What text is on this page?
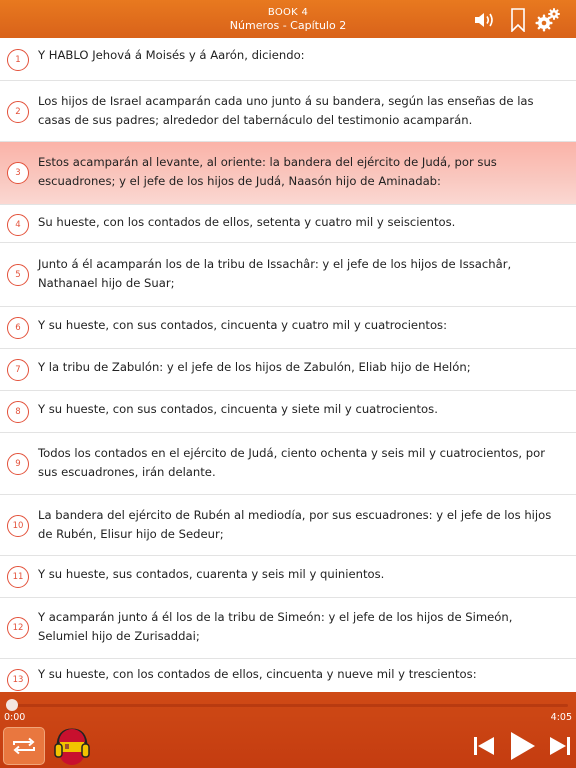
BOOK 4
Números - Capítulo 2
1	Y HABLO Jehová á Moisés y á Aarón, diciendo:
2
Los hijos de Israel acamparán cada uno junto á su bandera, según las enseñas de las casas de sus padres; alrededor del tabernáculo del testimonio acamparán.
3
Estos acamparán al levante, al oriente: la bandera del ejército de Judá, por sus escuadrones; y el jefe de los hijos de Judá, Naasón hijo de Aminadab:
4	Su hueste, con los contados de ellos, setenta y cuatro mil y seiscientos.
5
Junto á él acamparán los de la tribu de Issachâr: y el jefe de los hijos de Issachâr, Nathanael hijo de Suar;
6	Y su hueste, con sus contados, cincuenta y cuatro mil y cuatrocientos:
7	Y la tribu de Zabulón: y el jefe de los hijos de Zabulón, Eliab hijo de Helón;
8	Y su hueste, con sus contados, cincuenta y siete mil y cuatrocientos.
9
Todos los contados en el ejército de Judá, ciento ochenta y seis mil y cuatrocientos, por sus escuadrones, irán delante.
10
La bandera del ejército de Rubén al mediodía, por sus escuadrones: y el jefe de los hijos de Rubén, Elisur hijo de Sedeur;
11	Y su hueste, sus contados, cuarenta y seis mil y quinientos.
12
Y acamparán junto á él los de la tribu de Simeón: y el jefe de los hijos de Simeón, Selumiel hijo de Zurisaddai;
13	Y su hueste, con los contados de ellos, cincuenta y nueve mil y trescientos:
0:00	4:05
